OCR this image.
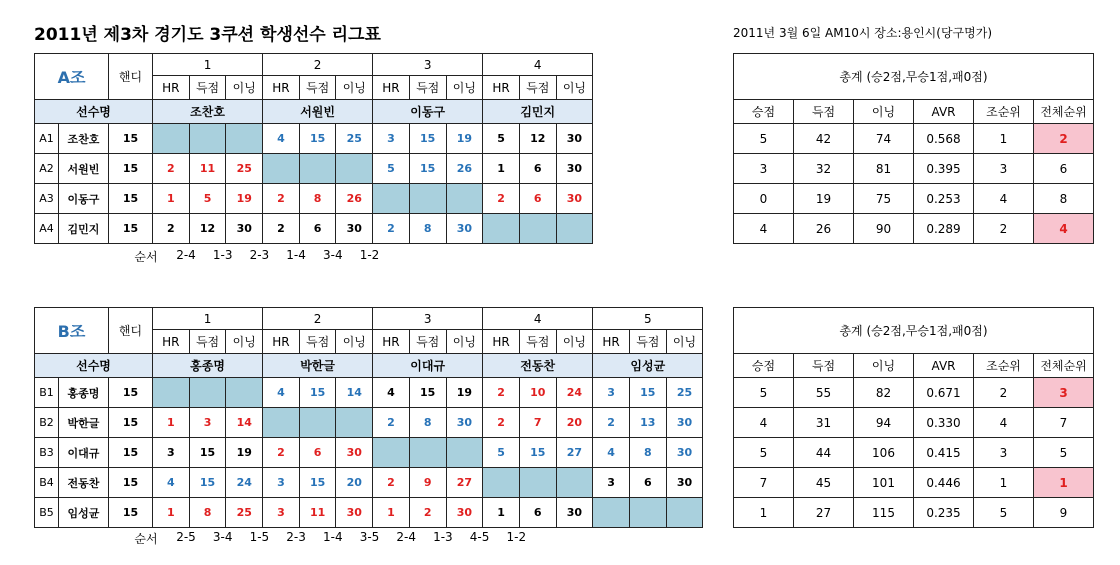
2011년 제3차 경기도 3쿠션 학생선수 리그표	2011년 3월 6일 AM10시 장소:용인시(당구명가)
A조		핸디	1			2			3			4		
			HR	득점	이닝	HR	득점	이닝	HR	득점	이닝	HR	득점	이닝
선수명			조찬호			서원빈			이동구			김민지		
A1	조찬호	15				4	15	25	3	15	19	5	12	30
A2	서원빈	15	2	11	25				5	15	26	1	6	30
A3	이동구	15	1	5	19	2	8	26				2	6	30
A4	김민지	15	2	12	30	2	6	30	2	8	30			
총계 (승2점,무승1점,패0점)					
승점	득점	이닝	AVR	조순위	전체순위
5	42	74	0.568	1	2
3	32	81	0.395	3	6
0	19	75	0.253	4	8
4	26	90	0.289	2	4
순서	2-4	1-3	2-3	1-4	3-4	1-2
B조		핸디	1			2			3			4			5		
			HR	득점	이닝	HR	득점	이닝	HR	득점	이닝	HR	득점	이닝	HR	득점	이닝
선수명			홍종명			박한글			이대규			전동찬			임성균		
B1	홍종명	15				4	15	14	4	15	19	2	10	24	3	15	25
B2	박한글	15	1	3	14				2	8	30	2	7	20	2	13	30
B3	이대규	15	3	15	19	2	6	30				5	15	27	4	8	30
B4	전동찬	15	4	15	24	3	15	20	2	9	27				3	6	30
B5	임성균	15	1	8	25	3	11	30	1	2	30	1	6	30			
총계 (승2점,무승1점,패0점)					
승점	득점	이닝	AVR	조순위	전체순위
5	55	82	0.671	2	3
4	31	94	0.330	4	7
5	44	106	0.415	3	5
7	45	101	0.446	1	1
1	27	115	0.235	5	9
순서	2-5	3-4	1-5	2-3	1-4	3-5	2-4	1-3	4-5	1-2
